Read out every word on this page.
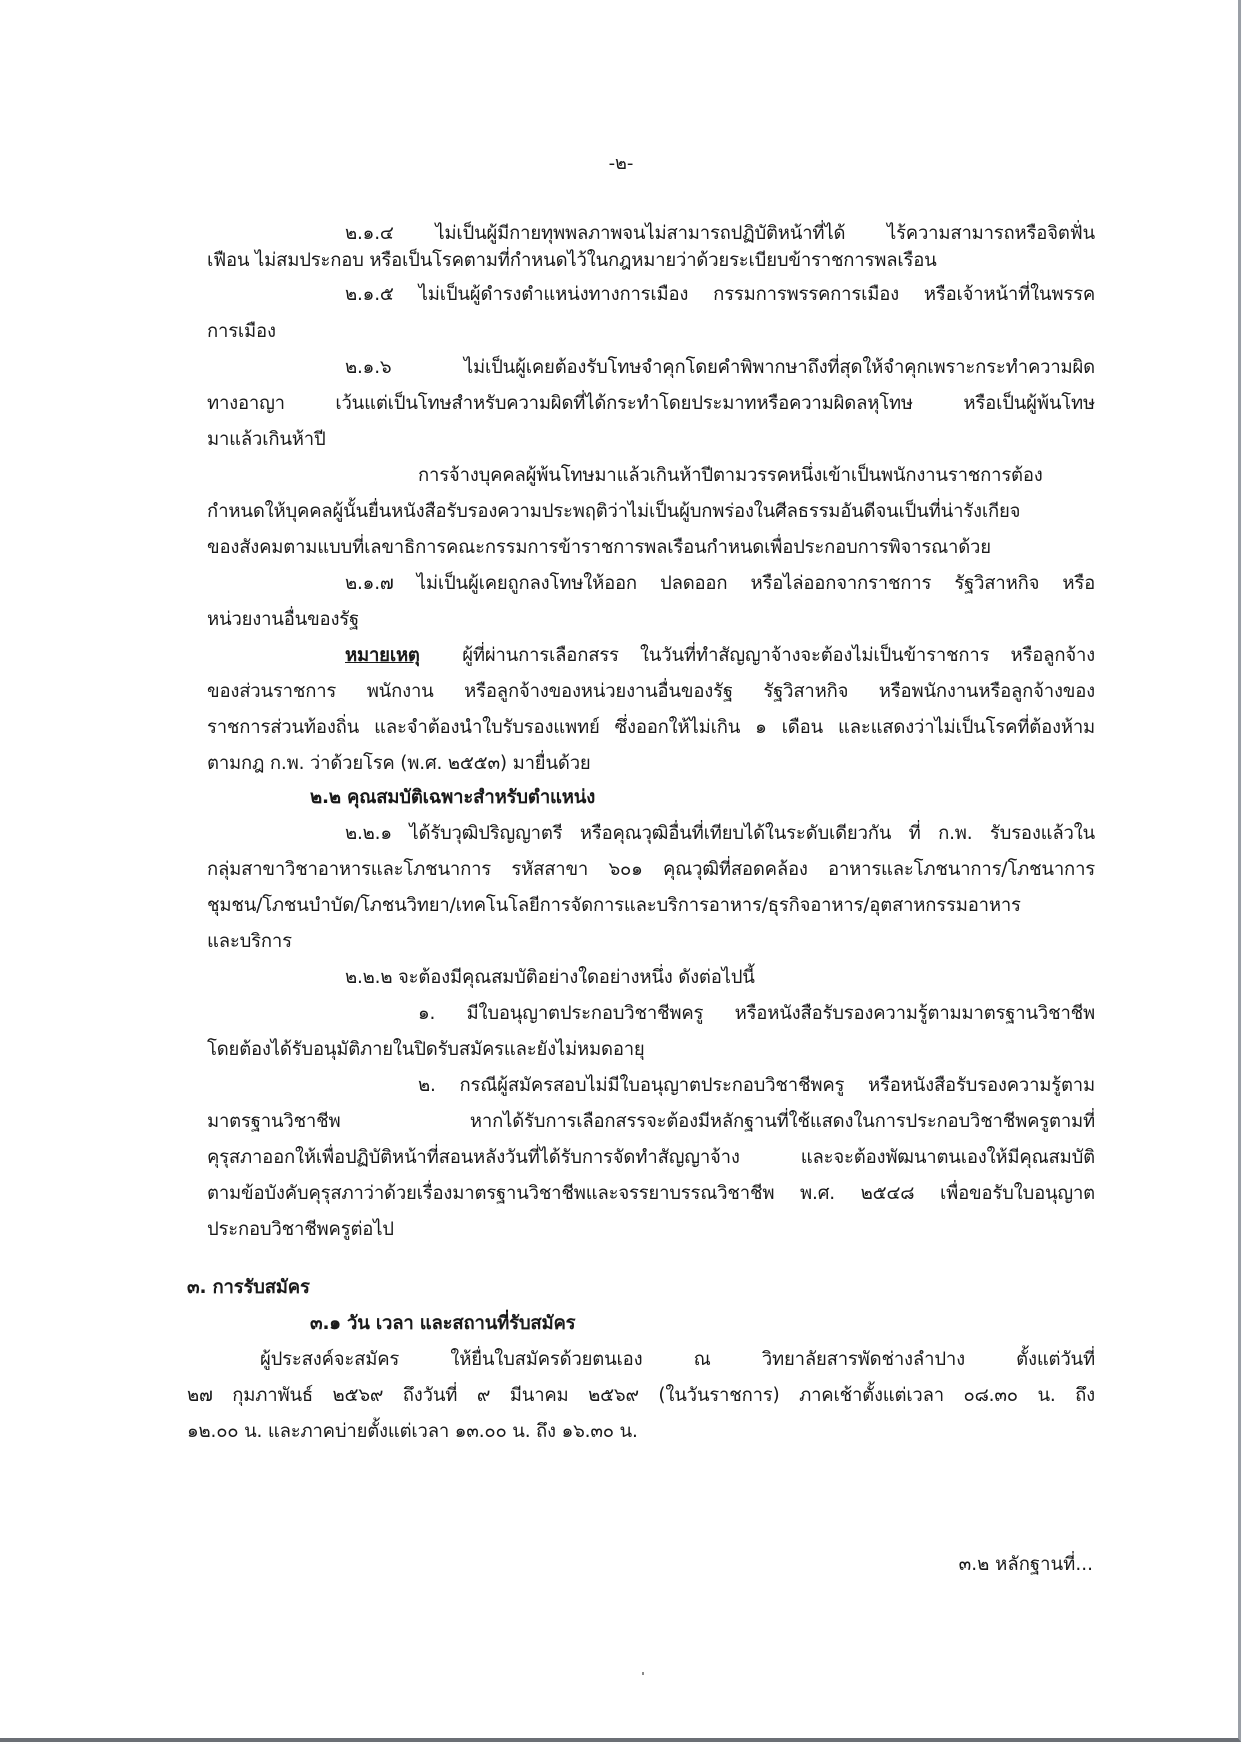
-๒-
๒.๑.๔ ไม่เป็นผู้มีกายทุพพลภาพจนไม่สามารถปฏิบัติหน้าที่ได้ ไร้ความสามารถหรือจิตฟั่น
เฟือน ไม่สมประกอบ หรือเป็นโรคตามที่กำหนดไว้ในกฎหมายว่าด้วยระเบียบข้าราชการพลเรือน
๒.๑.๕ ไม่เป็นผู้ดำรงตำแหน่งทางการเมือง กรรมการพรรคการเมือง หรือเจ้าหน้าที่ในพรรค
การเมือง
๒.๑.๖ ไม่เป็นผู้เคยต้องรับโทษจำคุกโดยคำพิพากษาถึงที่สุดให้จำคุกเพราะกระทำความผิด
ทางอาญา เว้นแต่เป็นโทษสำหรับความผิดที่ได้กระทำโดยประมาทหรือความผิดลหุโทษ หรือเป็นผู้พ้นโทษ
มาแล้วเกินห้าปี
การจ้างบุคคลผู้พ้นโทษมาแล้วเกินห้าปีตามวรรคหนึ่งเข้าเป็นพนักงานราชการต้อง
กำหนดให้บุคคลผู้นั้นยื่นหนังสือรับรองความประพฤติว่าไม่เป็นผู้บกพร่องในศีลธรรมอันดีจนเป็นที่น่ารังเกียจ
ของสังคมตามแบบที่เลขาธิการคณะกรรมการข้าราชการพลเรือนกำหนดเพื่อประกอบการพิจารณาด้วย
๒.๑.๗ ไม่เป็นผู้เคยถูกลงโทษให้ออก ปลดออก หรือไล่ออกจากราชการ รัฐวิสาหกิจ หรือ
หน่วยงานอื่นของรัฐ
หมายเหตุ ผู้ที่ผ่านการเลือกสรร ในวันที่ทำสัญญาจ้างจะต้องไม่เป็นข้าราชการ หรือลูกจ้าง
ของส่วนราชการ พนักงาน หรือลูกจ้างของหน่วยงานอื่นของรัฐ รัฐวิสาหกิจ หรือพนักงานหรือลูกจ้างของ
ราชการส่วนท้องถิ่น และจำต้องนำใบรับรองแพทย์ ซึ่งออกให้ไม่เกิน ๑ เดือน และแสดงว่าไม่เป็นโรคที่ต้องห้าม
ตามกฎ ก.พ. ว่าด้วยโรค (พ.ศ. ๒๕๕๓) มายื่นด้วย
๒.๒ คุณสมบัติเฉพาะสำหรับตำแหน่ง
๒.๒.๑ ได้รับวุฒิปริญญาตรี หรือคุณวุฒิอื่นที่เทียบได้ในระดับเดียวกัน ที่ ก.พ. รับรองแล้วใน
กลุ่มสาขาวิชาอาหารและโภชนาการ รหัสสาขา ๖๐๑ คุณวุฒิที่สอดคล้อง อาหารและโภชนาการ/โภชนาการ
ชุมชน/โภชนบำบัด/โภชนวิทยา/เทคโนโลยีการจัดการและบริการอาหาร/ธุรกิจอาหาร/อุตสาหกรรมอาหาร
และบริการ
๒.๒.๒ จะต้องมีคุณสมบัติอย่างใดอย่างหนึ่ง ดังต่อไปนี้
๑. มีใบอนุญาตประกอบวิชาชีพครู หรือหนังสือรับรองความรู้ตามมาตรฐานวิชาชีพ
โดยต้องได้รับอนุมัติภายในปิดรับสมัครและยังไม่หมดอายุ
๒. กรณีผู้สมัครสอบไม่มีใบอนุญาตประกอบวิชาชีพครู หรือหนังสือรับรองความรู้ตาม
มาตรฐานวิชาชีพ หากได้รับการเลือกสรรจะต้องมีหลักฐานที่ใช้แสดงในการประกอบวิชาชีพครูตามที่
คุรุสภาออกให้เพื่อปฏิบัติหน้าที่สอนหลังวันที่ได้รับการจัดทำสัญญาจ้าง และจะต้องพัฒนาตนเองให้มีคุณสมบัติ
ตามข้อบังคับคุรุสภาว่าด้วยเรื่องมาตรฐานวิชาชีพและจรรยาบรรณวิชาชีพ พ.ศ. ๒๕๔๘ เพื่อขอรับใบอนุญาต
ประกอบวิชาชีพครูต่อไป
๓. การรับสมัคร
๓.๑ วัน เวลา และสถานที่รับสมัคร
ผู้ประสงค์จะสมัคร ให้ยื่นใบสมัครด้วยตนเอง ณ วิทยาลัยสารพัดช่างลำปาง ตั้งแต่วันที่
๒๗ กุมภาพันธ์ ๒๕๖๙ ถึงวันที่ ๙ มีนาคม ๒๕๖๙ (ในวันราชการ) ภาคเช้าตั้งแต่เวลา ๐๘.๓๐ น. ถึง
๑๒.๐๐ น. และภาคบ่ายตั้งแต่เวลา ๑๓.๐๐ น. ถึง ๑๖.๓๐ น.
๓.๒ หลักฐานที่...
